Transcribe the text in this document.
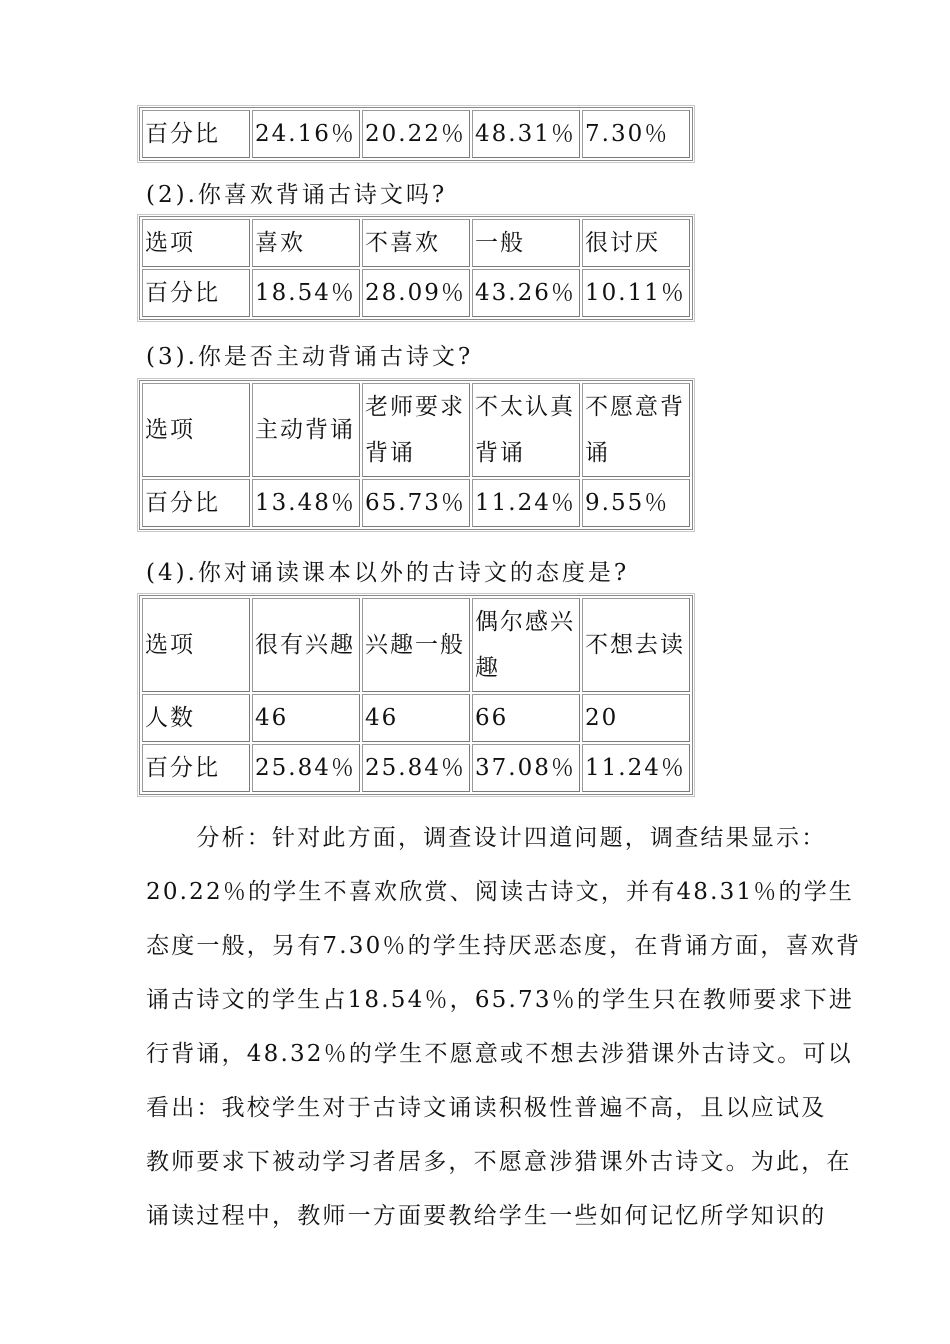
百分比	24.16％	20.22％	48.31％	7.30％
(2).你喜欢背诵古诗文吗?
选项	喜欢	不喜欢	一般	很讨厌
百分比	18.54％	28.09％	43.26％	10.11％
(3).你是否主动背诵古诗文?
选项	主动背诵	老师要求背诵	不太认真背诵	不愿意背诵
百分比	13.48％	65.73％	11.24％	9.55％
(4).你对诵读课本以外的古诗文的态度是?
选项	很有兴趣	兴趣一般	偶尔感兴趣	不想去读
人数	46	46	66	20
百分比	25.84％	25.84％	37.08％	11.24％
　　分析：针对此方面，调查设计四道问题，调查结果显示：
20.22％的学生不喜欢欣赏、阅读古诗文，并有48.31％的学生
态度一般，另有7.30％的学生持厌恶态度，在背诵方面，喜欢背
诵古诗文的学生占18.54％，65.73％的学生只在教师要求下进
行背诵，48.32％的学生不愿意或不想去涉猎课外古诗文。可以
看出：我校学生对于古诗文诵读积极性普遍不高，且以应试及
教师要求下被动学习者居多，不愿意涉猎课外古诗文。为此，在
诵读过程中，教师一方面要教给学生一些如何记忆所学知识的
